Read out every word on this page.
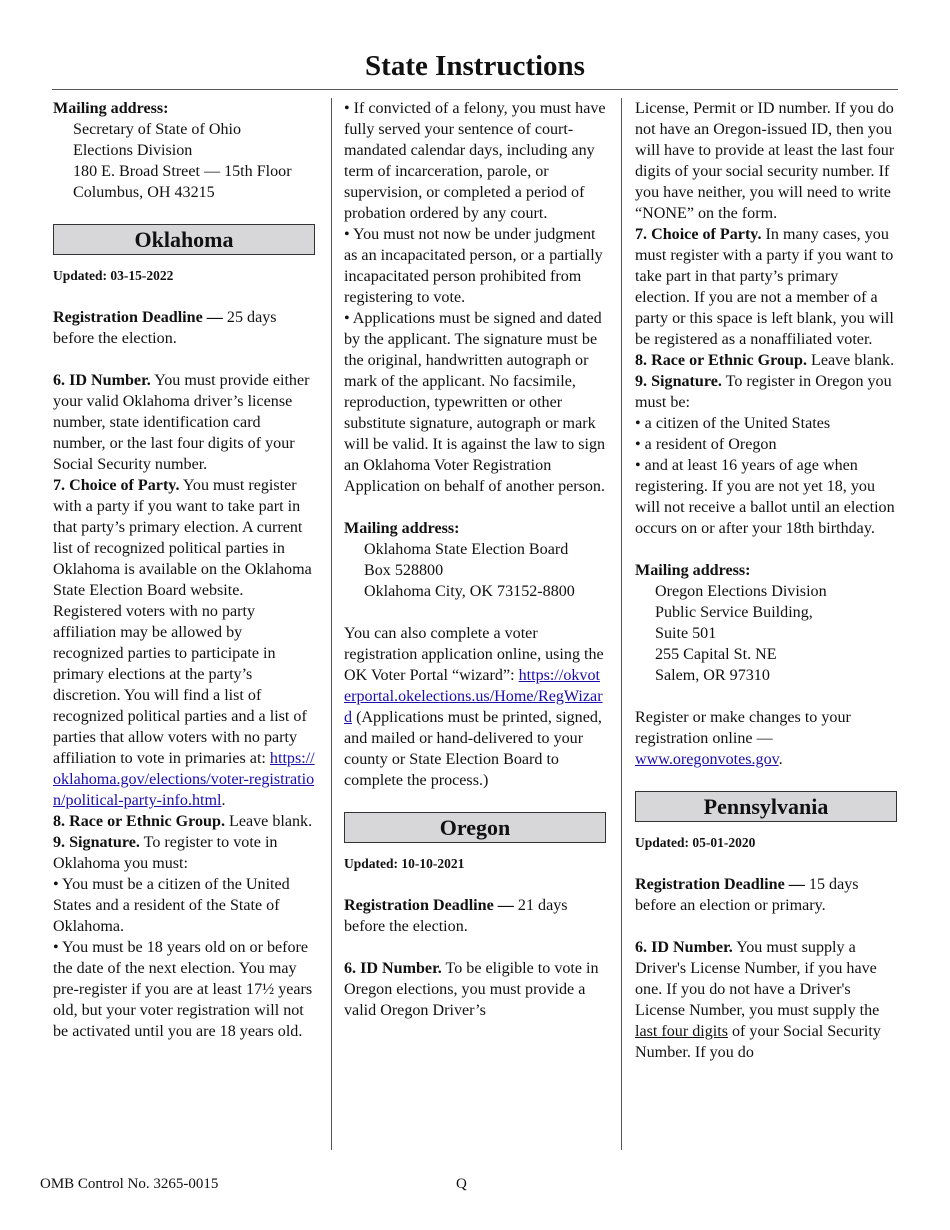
State Instructions

Mailing address:

Secretary of State of Ohio

Elections Division

180 E. Broad Street — 15th Floor

Columbus, OH 43215

Oklahoma

Updated: 03-15-2022

Registration Deadline — 25 days before the election.

6. ID Number. You must provide either your valid Oklahoma driver’s license number, state identification card number, or the last four digits of your Social Security number.

7. Choice of Party. You must register with a party if you want to take part in that party’s primary election. A current list of recognized political parties in Oklahoma is available on the Oklahoma State Election Board website. Registered voters with no party affiliation may be allowed by recognized parties to participate in primary elections at the party’s discretion. You will find a list of recognized political parties and a list of parties that allow voters with no party affiliation to vote in primaries at: https://oklahoma.gov/elections/voter-registration/political-party-info.html.

8. Race or Ethnic Group. Leave blank.

9. Signature. To register to vote in Oklahoma you must:

• You must be a citizen of the United States and a resident of the State of Oklahoma.

• You must be 18 years old on or before the date of the next election. You may pre-register if you are at least 17½ years old, but your voter registration will not be activated until you are 18 years old.

• If convicted of a felony, you must have fully served your sentence of court-mandated calendar days, including any term of incarceration, parole, or supervision, or completed a period of probation ordered by any court.

• You must not now be under judgment as an incapacitated person, or a partially incapacitated person prohibited from registering to vote.

• Applications must be signed and dated by the applicant. The signature must be the original, handwritten autograph or mark of the applicant. No facsimile, reproduction, typewritten or other substitute signature, autograph or mark will be valid. It is against the law to sign an Oklahoma Voter Registration Application on behalf of another person.

Mailing address:

Oklahoma State Election Board

Box 528800

Oklahoma City, OK 73152-8800

You can also complete a voter registration application online, using the OK Voter Portal “wizard”: https://okvoterportal.okelections.us/Home/RegWizard (Applications must be printed, signed, and mailed or hand-delivered to your county or State Election Board to complete the process.)

Oregon

Updated: 10-10-2021

Registration Deadline — 21 days before the election.

6. ID Number. To be eligible to vote in Oregon elections, you must provide a valid Oregon Driver’s

License, Permit or ID number. If you do not have an Oregon-issued ID, then you will have to provide at least the last four digits of your social security number. If you have neither, you will need to write “NONE” on the form.

7. Choice of Party. In many cases, you must register with a party if you want to take part in that party’s primary election. If you are not a member of a party or this space is left blank, you will be registered as a nonaffiliated voter.

8. Race or Ethnic Group. Leave blank.

9. Signature. To register in Oregon you must be:

• a citizen of the United States

• a resident of Oregon

• and at least 16 years of age when registering. If you are not yet 18, you will not receive a ballot until an election occurs on or after your 18th birthday.

Mailing address:

Oregon Elections Division

Public Service Building,

Suite 501

255 Capital St. NE

Salem, OR 97310

Register or make changes to your registration online — www.oregonvotes.gov.

Pennsylvania

Updated: 05-01-2020

Registration Deadline — 15 days before an election or primary.

6. ID Number. You must supply a Driver's License Number, if you have one. If you do not have a Driver's License Number, you must supply the last four digits of your Social Security Number. If you do

OMB Control No. 3265-0015	Q
